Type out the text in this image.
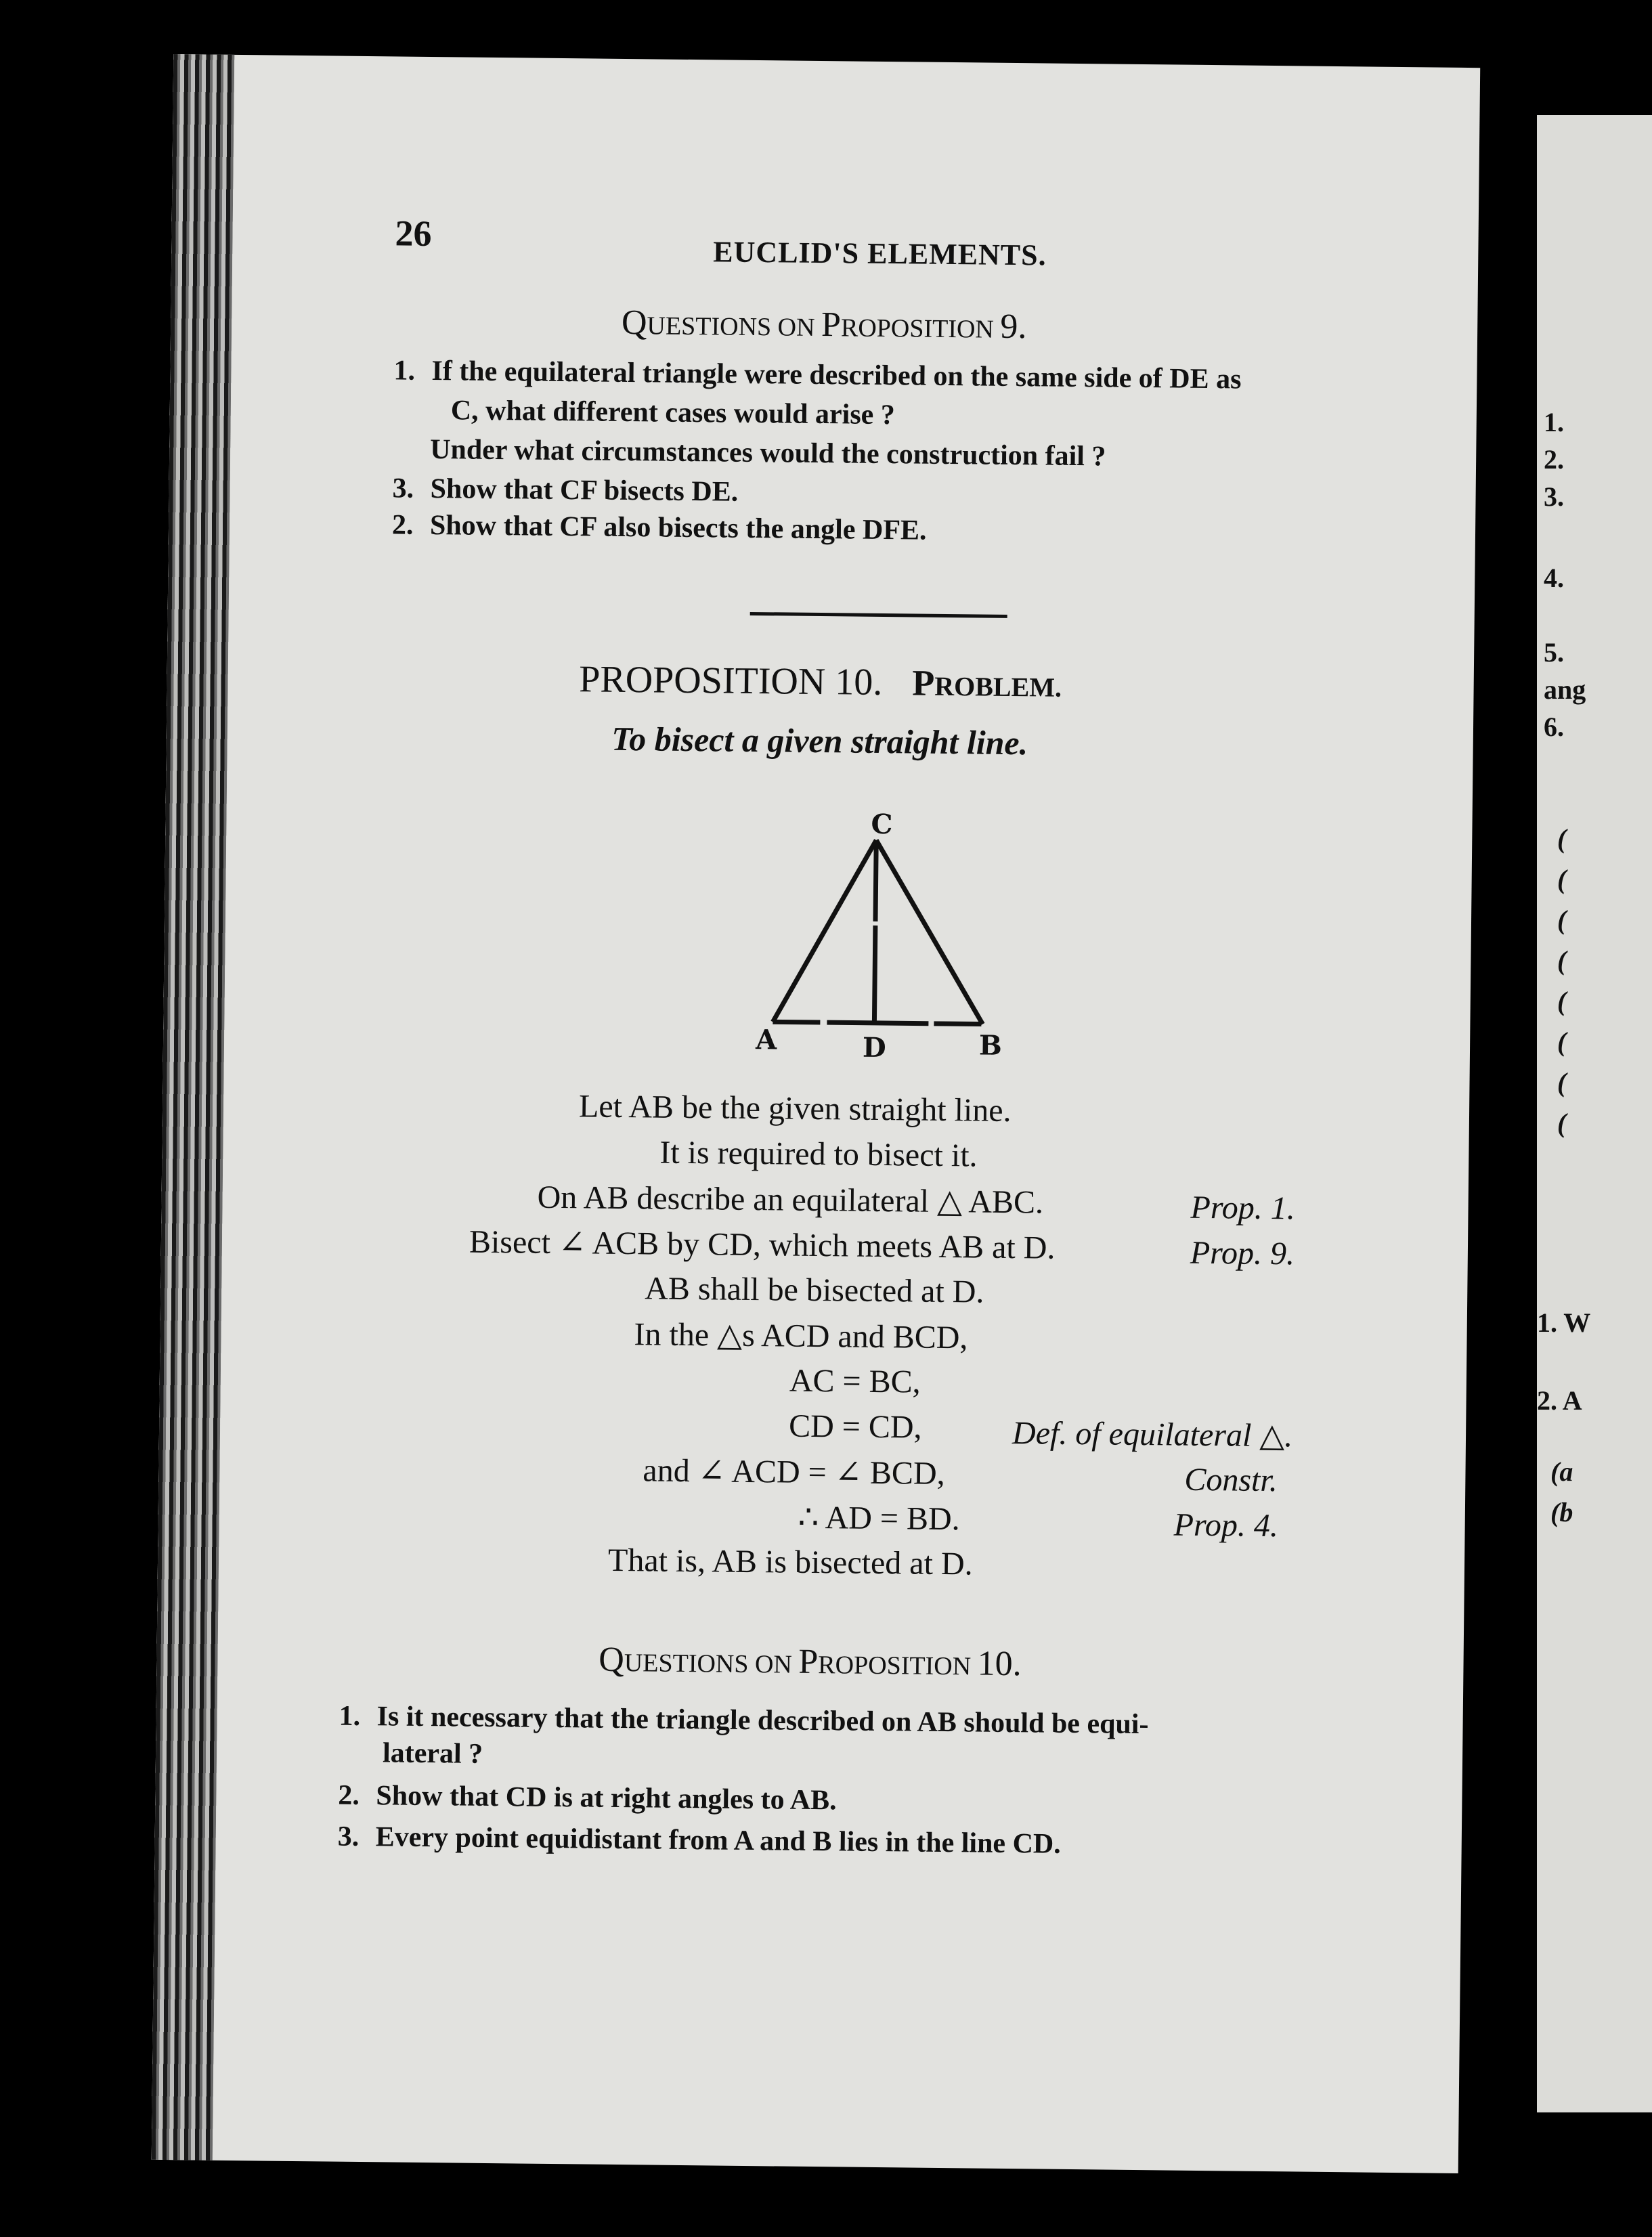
26	EUCLID'S ELEMENTS.
QUESTIONS ON PROPOSITION 9.
1. If the equilateral triangle were described on the same side of DE as
C, what different cases would arise ?
Under what circumstances would the construction fail ?
3. Show that CF bisects DE.
2. Show that CF also bisects the angle DFE.
PROPOSITION 10. PROBLEM.
To bisect a given straight line.
C
A	D	B
Let AB be the given straight line.
It is required to bisect it.
On AB describe an equilateral △ ABC.	Prop. 1.
Bisect ∠ ACB by CD, which meets AB at D.	Prop. 9.
AB shall be bisected at D.
In the △s ACD and BCD,
AC = BC,
CD = CD,	Def. of equilateral △.
and ∠ ACD = ∠ BCD,	Constr.
∴ AD = BD.	Prop. 4.
That is, AB is bisected at D.
QUESTIONS ON PROPOSITION 10.
1. Is it necessary that the triangle described on AB should be equi-
lateral ?
2. Show that CD is at right angles to AB.
3. Every point equidistant from A and B lies in the line CD.
1.
2.
3.
4.
5.
ang
6.
(
(
(
(
(
(
(
(
1. W
2. A
(a
(b
